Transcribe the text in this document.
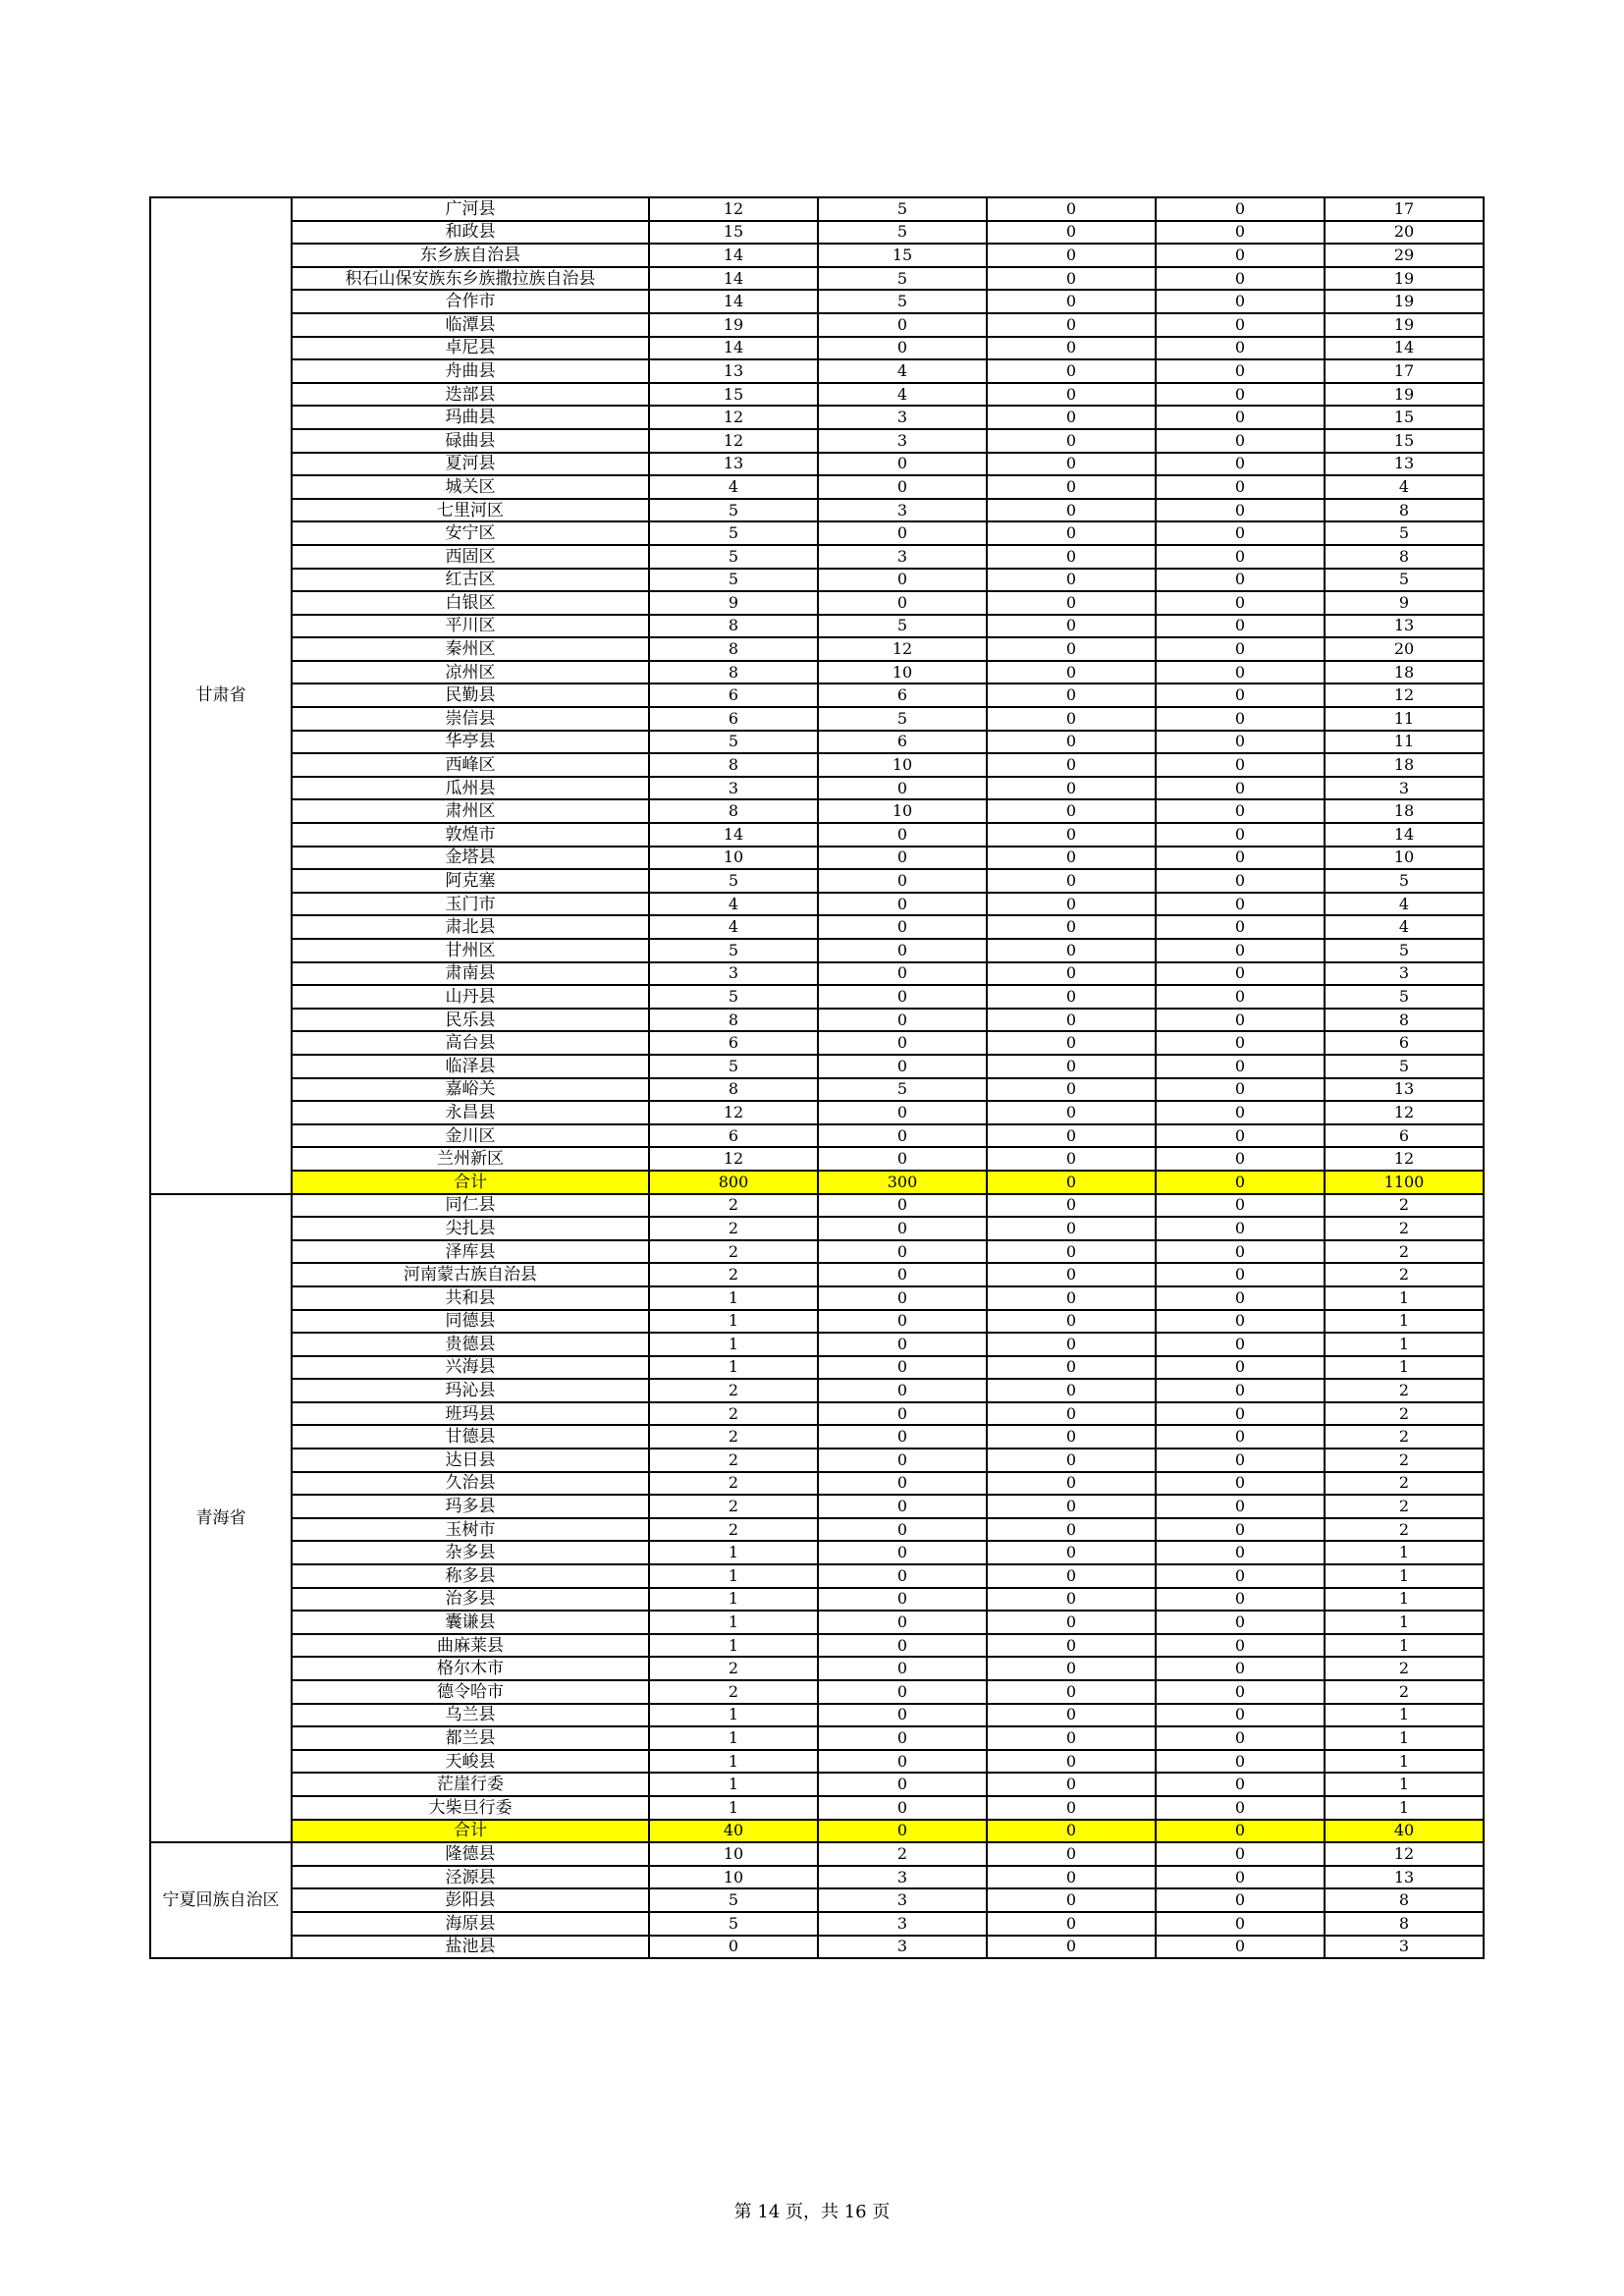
甘肃省	广河县	12	5	0	0	17
	和政县	15	5	0	0	20
	东乡族自治县	14	15	0	0	29
	积石山保安族东乡族撒拉族自治县	14	5	0	0	19
	合作市	14	5	0	0	19
	临潭县	19	0	0	0	19
	卓尼县	14	0	0	0	14
	舟曲县	13	4	0	0	17
	迭部县	15	4	0	0	19
	玛曲县	12	3	0	0	15
	碌曲县	12	3	0	0	15
	夏河县	13	0	0	0	13
	城关区	4	0	0	0	4
	七里河区	5	3	0	0	8
	安宁区	5	0	0	0	5
	西固区	5	3	0	0	8
	红古区	5	0	0	0	5
	白银区	9	0	0	0	9
	平川区	8	5	0	0	13
	秦州区	8	12	0	0	20
	凉州区	8	10	0	0	18
	民勤县	6	6	0	0	12
	崇信县	6	5	0	0	11
	华亭县	5	6	0	0	11
	西峰区	8	10	0	0	18
	瓜州县	3	0	0	0	3
	肃州区	8	10	0	0	18
	敦煌市	14	0	0	0	14
	金塔县	10	0	0	0	10
	阿克塞	5	0	0	0	5
	玉门市	4	0	0	0	4
	肃北县	4	0	0	0	4
	甘州区	5	0	0	0	5
	肃南县	3	0	0	0	3
	山丹县	5	0	0	0	5
	民乐县	8	0	0	0	8
	高台县	6	0	0	0	6
	临泽县	5	0	0	0	5
	嘉峪关	8	5	0	0	13
	永昌县	12	0	0	0	12
	金川区	6	0	0	0	6
	兰州新区	12	0	0	0	12
	合计	800	300	0	0	1100
青海省	同仁县	2	0	0	0	2
	尖扎县	2	0	0	0	2
	泽库县	2	0	0	0	2
	河南蒙古族自治县	2	0	0	0	2
	共和县	1	0	0	0	1
	同德县	1	0	0	0	1
	贵德县	1	0	0	0	1
	兴海县	1	0	0	0	1
	玛沁县	2	0	0	0	2
	班玛县	2	0	0	0	2
	甘德县	2	0	0	0	2
	达日县	2	0	0	0	2
	久治县	2	0	0	0	2
	玛多县	2	0	0	0	2
	玉树市	2	0	0	0	2
	杂多县	1	0	0	0	1
	称多县	1	0	0	0	1
	治多县	1	0	0	0	1
	囊谦县	1	0	0	0	1
	曲麻莱县	1	0	0	0	1
	格尔木市	2	0	0	0	2
	德令哈市	2	0	0	0	2
	乌兰县	1	0	0	0	1
	都兰县	1	0	0	0	1
	天峻县	1	0	0	0	1
	茫崖行委	1	0	0	0	1
	大柴旦行委	1	0	0	0	1
	合计	40	0	0	0	40
宁夏回族自治区	隆德县	10	2	0	0	12
	泾源县	10	3	0	0	13
	彭阳县	5	3	0	0	8
	海原县	5	3	0	0	8
	盐池县	0	3	0	0	3
第 14 页，共 16 页
